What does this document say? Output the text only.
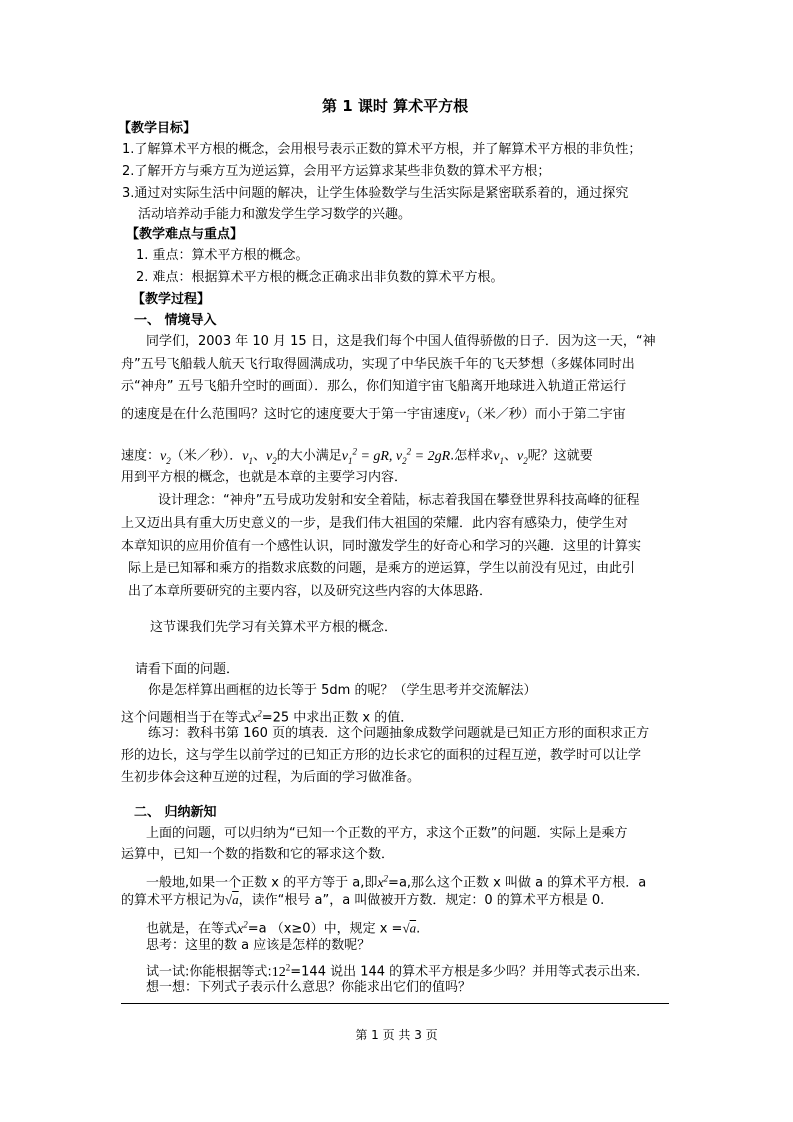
第 1 课时 算术平方根
【教学目标】
1.了解算术平方根的概念，会用根号表示正数的算术平方根，并了解算术平方根的非负性；
2.了解开方与乘方互为逆运算，会用平方运算求某些非负数的算术平方根；
3.通过对实际生活中问题的解决，让学生体验数学与生活实际是紧密联系着的，通过探究
活动培养动手能力和激发学生学习数学的兴趣。
【教学难点与重点】
1. 重点：算术平方根的概念。
2. 难点：根据算术平方根的概念正确求出非负数的算术平方根。
【教学过程】
一、 情境导入
同学们，2003 年 10 月 15 日，这是我们每个中国人值得骄傲的日子．因为这一天，“神
舟”五号飞船载人航天飞行取得圆满成功，实现了中华民族千年的飞天梦想（多媒体同时出
示“神舟” 五号飞船升空时的画面）．那么，你们知道宇宙飞船离开地球进入轨道正常运行
的速度是在什么范围吗？这时它的速度要大于第一宇宙速度$v_1$（米／秒）而小于第二宇宙
速度：$v_2$（米／秒）．$v_1$、$v_2$的大小满足$v_1^2$ = gR, $v_2^2 = 2gR$.怎样求$v_1$、$v_2$呢？这就要
用到平方根的概念，也就是本章的主要学习内容．
设计理念：“神舟”五号成功发射和安全着陆，标志着我国在攀登世界科技高峰的征程
上又迈出具有重大历史意义的一步，是我们伟大祖国的荣耀．此内容有感染力，使学生对
本章知识的应用价值有一个感性认识，同时激发学生的好奇心和学习的兴趣．这里的计算实
际上是已知幂和乘方的指数求底数的问题，是乘方的逆运算，学生以前没有见过，由此引
出了本章所要研究的主要内容，以及研究这些内容的大体思路．
这节课我们先学习有关算术平方根的概念．
请看下面的问题．
你是怎样算出画框的边长等于 5dm 的呢？（学生思考并交流解法）
这个问题相当于在等式$x^2=25$ 中求出正数 x 的值．
练习：教科书第 160 页的填表．这个问题抽象成数学问题就是已知正方形的面积求正方
形的边长，这与学生以前学过的已知正方形的边长求它的面积的过程互逆，教学时可以让学
生初步体会这种互逆的过程，为后面的学习做准备。
二、 归纳新知
上面的问题，可以归纳为“已知一个正数的平方，求这个正数”的问题．实际上是乘方
运算中，已知一个数的指数和它的幂求这个数．
一般地,如果一个正数 x 的平方等于 a,即$x^2=a$,那么这个正数 x 叫做 a 的算术平方根．a
的算术平方根记为√a，读作“根号 a”，a 叫做被开方数．规定：0 的算术平方根是 0.
也就是，在等式$x^2=a$ （x≥0）中，规定 x =√a.
思考：这里的数 a 应该是怎样的数呢？
试一试:你能根据等式$:12^2=144$ 说出 144 的算术平方根是多少吗？并用等式表示出来．
想一想：下列式子表示什么意思？你能求出它们的值吗？
第 1 页 共 3 页
